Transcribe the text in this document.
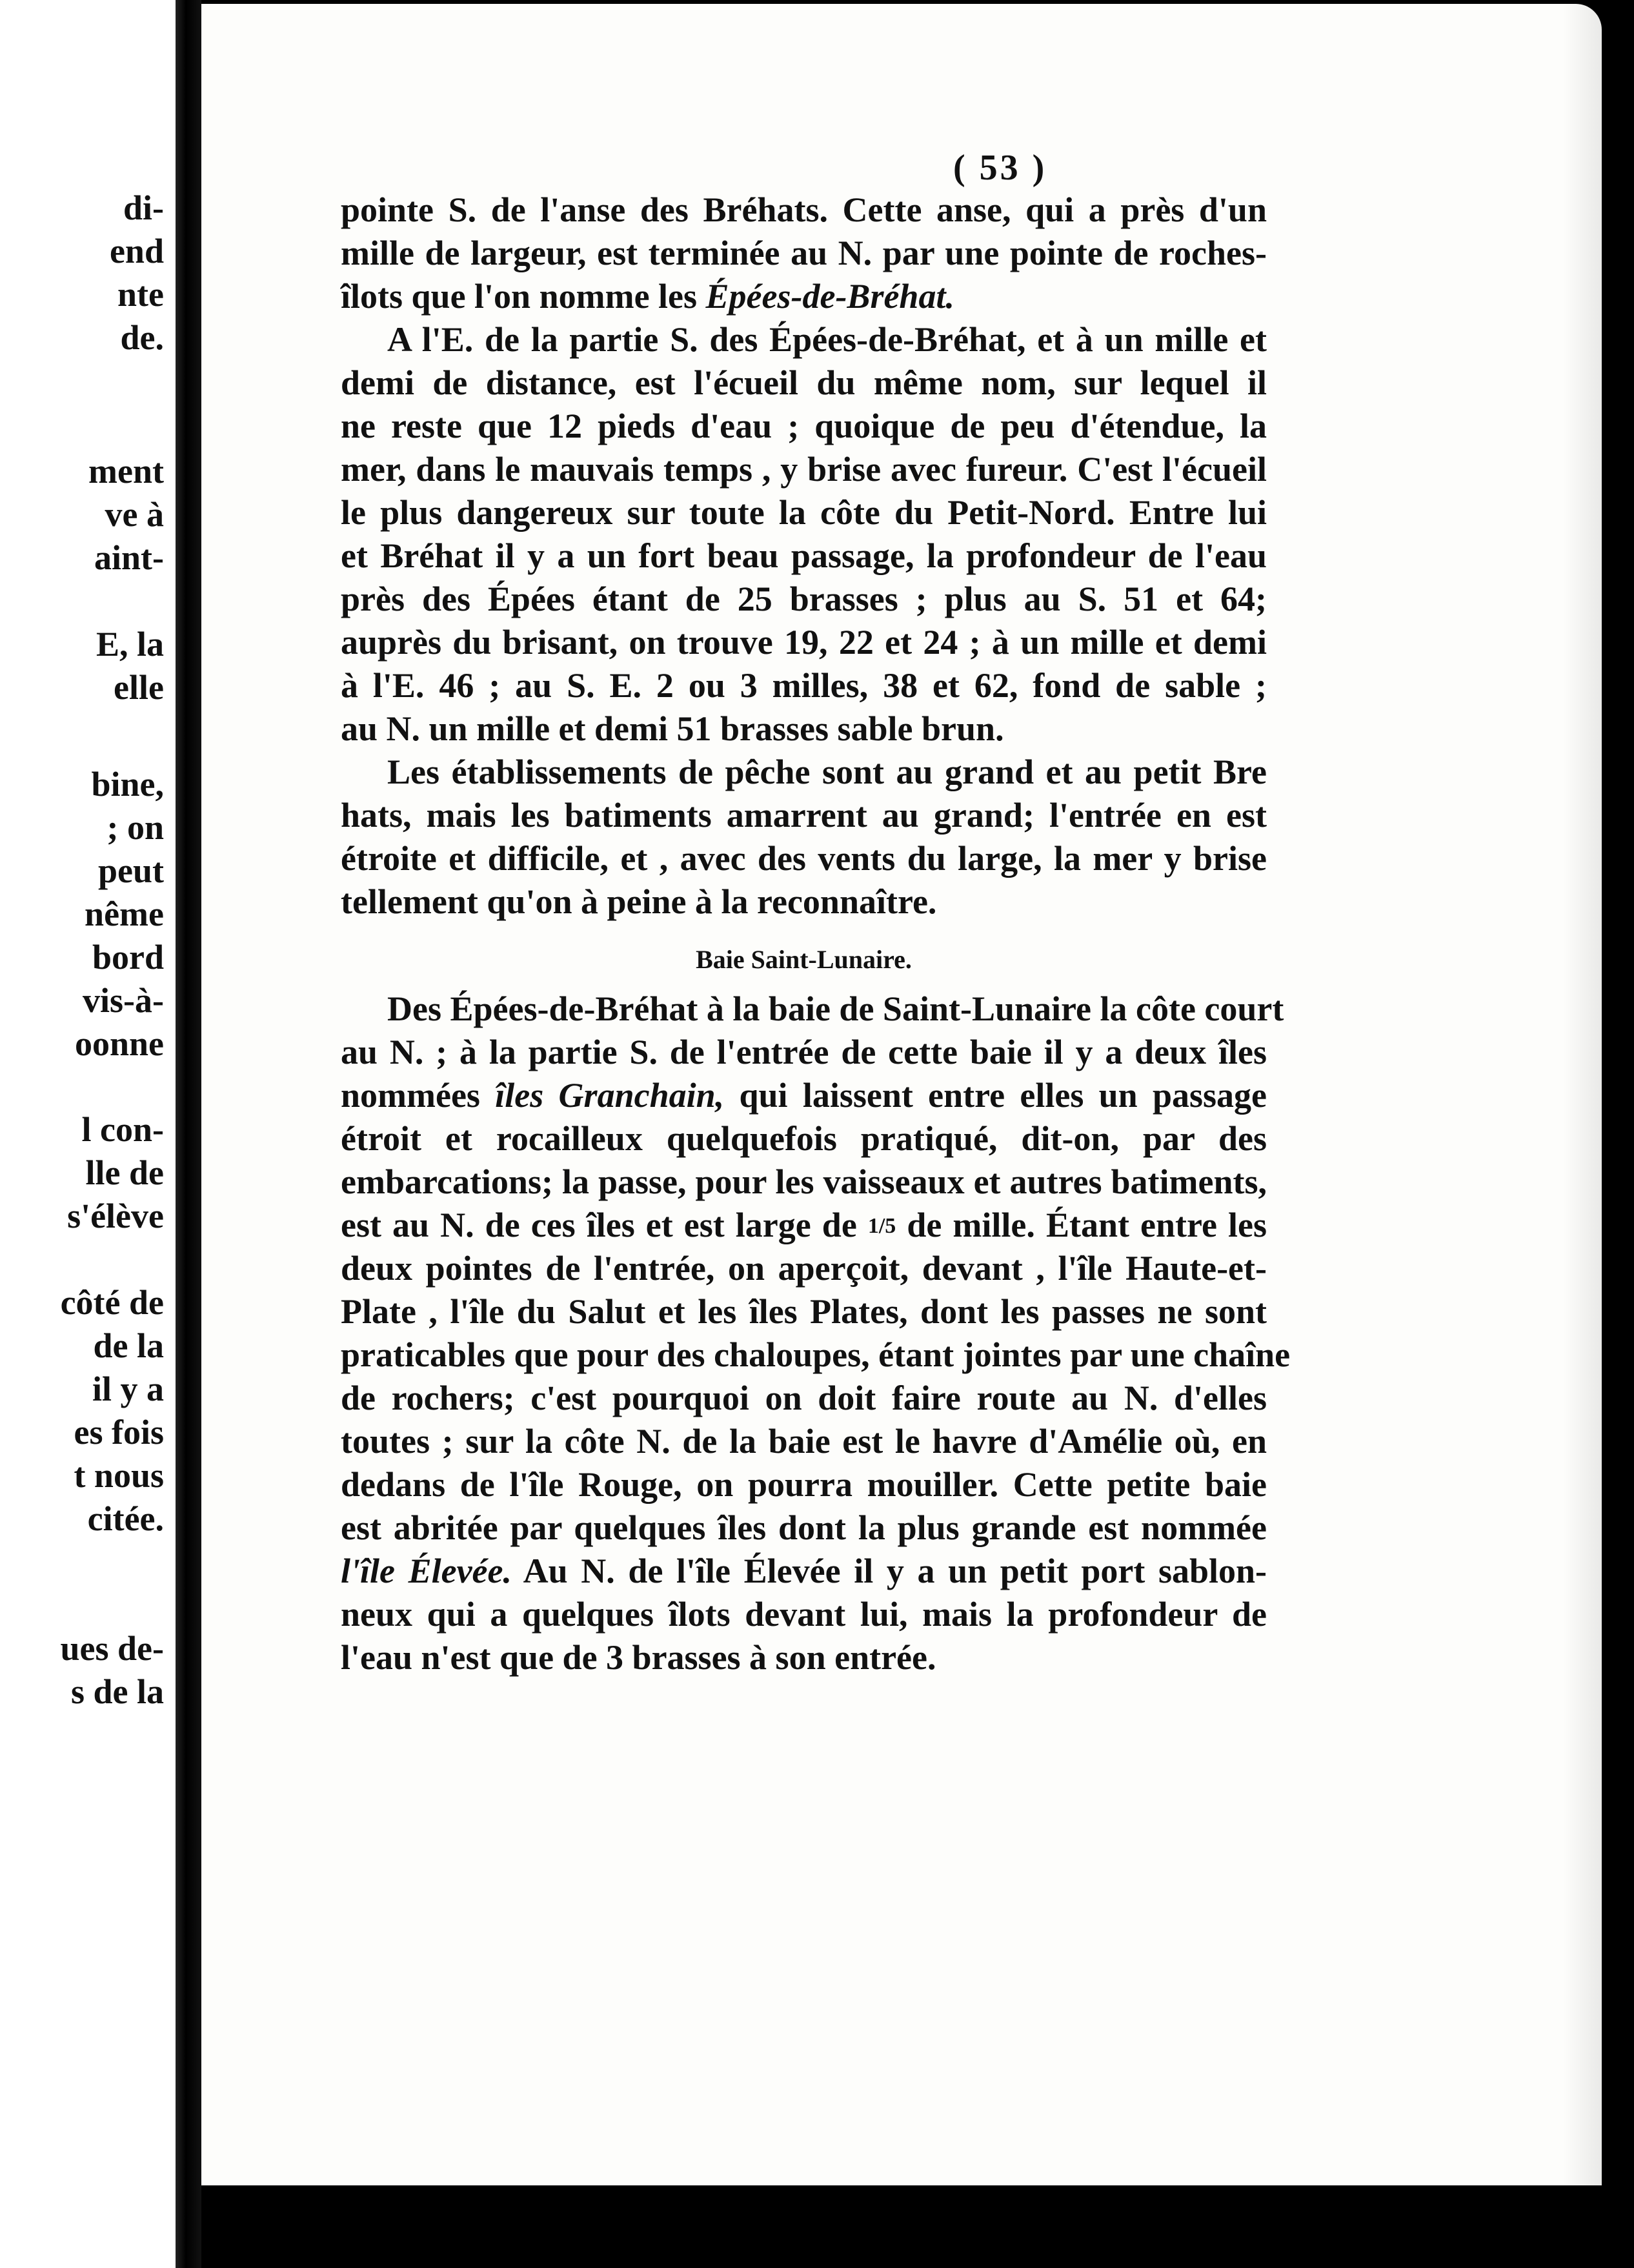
di-
end
nte
de.
ment
ve à
aint-
E, la
elle
bine,
; on
peut
nême
bord
vis-à-
oonne
l con-
lle de
s'élève
côté de
de la
il y a
es fois
t nous
citée.
ues de-
s de la
( 53 )
pointe S. de l'anse des Bréhats. Cette anse, qui a près d'un
mille de largeur, est terminée au N. par une pointe de roches-
îlots que l'on nomme les Épées-de-Bréhat.
A l'E. de la partie S. des Épées-de-Bréhat, et à un mille et
demi de distance, est l'écueil du même nom, sur lequel il
ne reste que 12 pieds d'eau ; quoique de peu d'étendue, la
mer, dans le mauvais temps , y brise avec fureur. C'est l'écueil
le plus dangereux sur toute la côte du Petit-Nord. Entre lui
et Bréhat il y a un fort beau passage, la profondeur de l'eau
près des Épées étant de 25 brasses ; plus au S. 51 et 64;
auprès du brisant, on trouve 19, 22 et 24 ; à un mille et demi
à l'E. 46 ; au S. E. 2 ou 3 milles, 38 et 62, fond de sable ;
au N. un mille et demi 51 brasses sable brun.
Les établissements de pêche sont au grand et au petit Bre
hats, mais les batiments amarrent au grand; l'entrée en est
étroite et difficile, et , avec des vents du large, la mer y brise
tellement qu'on à peine à la reconnaître.
Baie Saint-Lunaire.
Des Épées-de-Bréhat à la baie de Saint-Lunaire la côte court
au N. ; à la partie S. de l'entrée de cette baie il y a deux îles
nommées îles Granchain, qui laissent entre elles un passage
étroit et rocailleux quelquefois pratiqué, dit-on, par des
embarcations; la passe, pour les vaisseaux et autres batiments,
est au N. de ces îles et est large de 1/5 de mille. Étant entre les
deux pointes de l'entrée, on aperçoit, devant , l'île Haute-et-
Plate , l'île du Salut et les îles Plates, dont les passes ne sont
praticables que pour des chaloupes, étant jointes par une chaîne
de rochers; c'est pourquoi on doit faire route au N. d'elles
toutes ; sur la côte N. de la baie est le havre d'Amélie où, en
dedans de l'île Rouge, on pourra mouiller. Cette petite baie
est abritée par quelques îles dont la plus grande est nommée
l'île Élevée. Au N. de l'île Élevée il y a un petit port sablon-
neux qui a quelques îlots devant lui, mais la profondeur de
l'eau n'est que de 3 brasses à son entrée.
